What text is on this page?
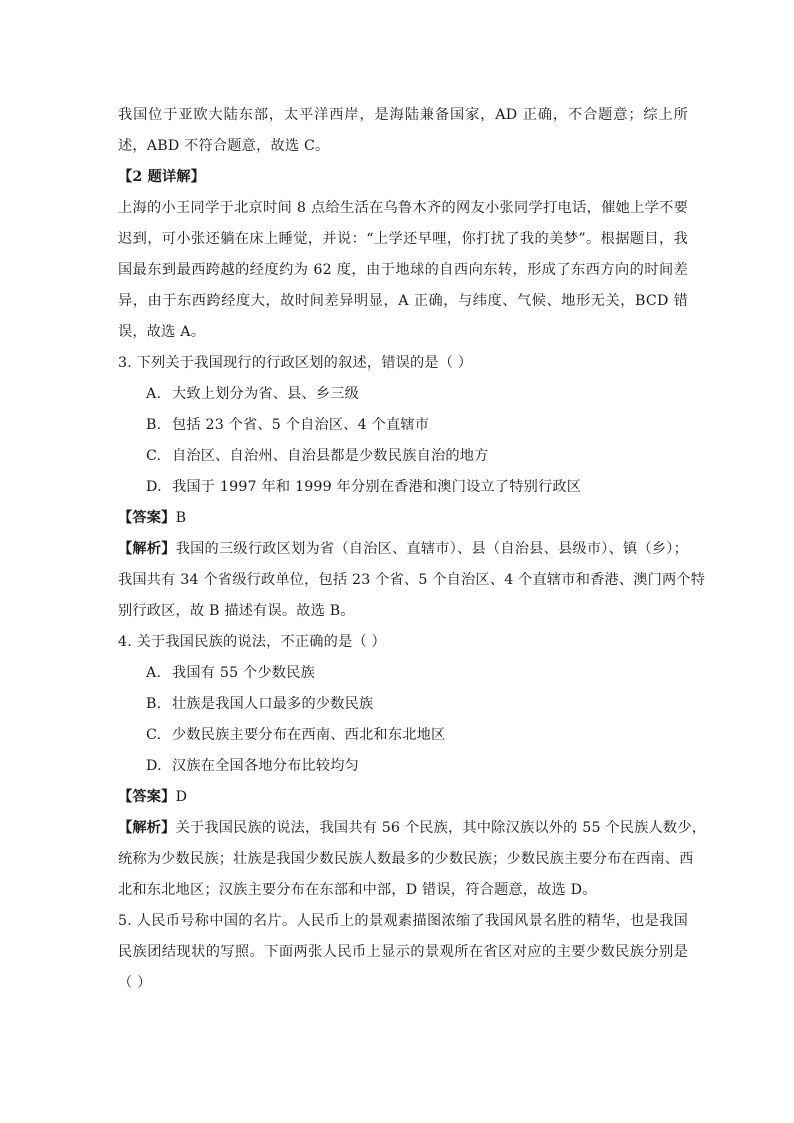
我国位于亚欧大陆东部，太平洋西岸，是海陆兼备国家，AD 正确，不合题意；综上所
述，ABD 不符合题意，故选 C。
【2 题详解】
上海的小王同学于北京时间 8 点给生活在乌鲁木齐的网友小张同学打电话，催她上学不要
迟到，可小张还躺在床上睡觉，并说：“上学还早哩，你打扰了我的美梦”。根据题目，我
国最东到最西跨越的经度约为 62 度，由于地球的自西向东转，形成了东西方向的时间差
异，由于东西跨经度大，故时间差异明显，A 正确，与纬度、气候、地形无关，BCD 错
误，故选 A。
3. 下列关于我国现行的行政区划的叙述，错误的是（ ）
A. 大致上划分为省、县、乡三级
B. 包括 23 个省、5 个自治区、4 个直辖市
C. 自治区、自治州、自治县都是少数民族自治的地方
D. 我国于 1997 年和 1999 年分别在香港和澳门设立了特别行政区
【答案】B
【解析】我国的三级行政区划为省（自治区、直辖市）、县（自治县、县级市）、镇（乡）；
我国共有 34 个省级行政单位，包括 23 个省、5 个自治区、4 个直辖市和香港、澳门两个特
别行政区，故 B 描述有误。故选 B。
4. 关于我国民族的说法，不正确的是（ ）
A. 我国有 55 个少数民族
B. 壮族是我国人口最多的少数民族
C. 少数民族主要分布在西南、西北和东北地区
D. 汉族在全国各地分布比较均匀
【答案】D
【解析】关于我国民族的说法，我国共有 56 个民族，其中除汉族以外的 55 个民族人数少，
统称为少数民族；壮族是我国少数民族人数最多的少数民族；少数民族主要分布在西南、西
北和东北地区；汉族主要分布在东部和中部，D 错误，符合题意，故选 D。
5. 人民币号称中国的名片。人民币上的景观素描图浓缩了我国风景名胜的精华，也是我国
民族团结现状的写照。下面两张人民币上显示的景观所在省区对应的主要少数民族分别是
（ ）
